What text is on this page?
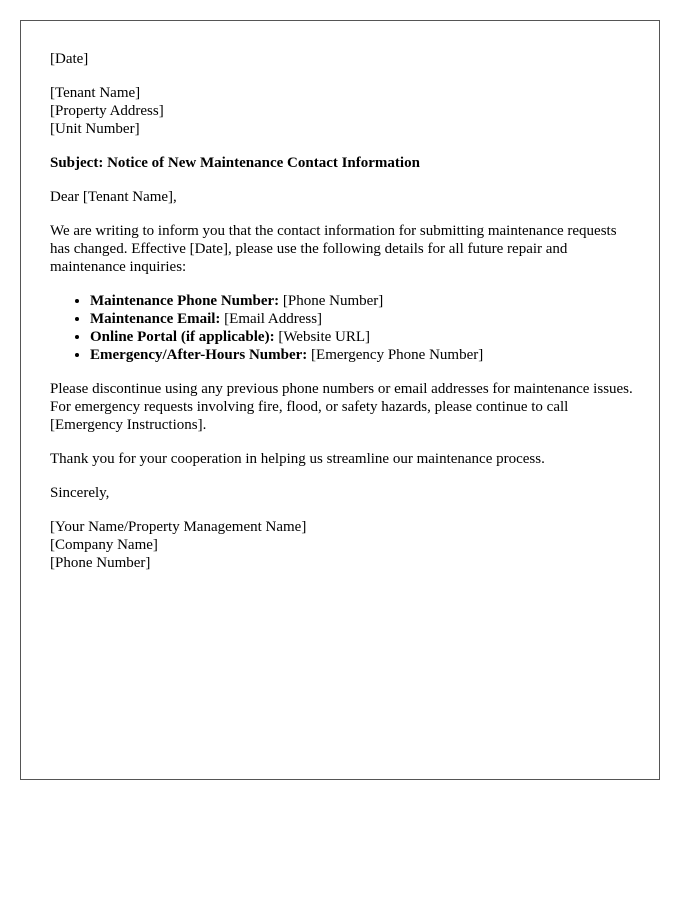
[Date]

[Tenant Name]
[Property Address]
[Unit Number]

Subject: Notice of New Maintenance Contact Information

Dear [Tenant Name],

We are writing to inform you that the contact information for submitting maintenance requests has changed. Effective [Date], please use the following details for all future repair and maintenance inquiries:

• Maintenance Phone Number: [Phone Number]
• Maintenance Email: [Email Address]
• Online Portal (if applicable): [Website URL]
• Emergency/After-Hours Number: [Emergency Phone Number]

Please discontinue using any previous phone numbers or email addresses for maintenance issues. For emergency requests involving fire, flood, or safety hazards, please continue to call [Emergency Instructions].

Thank you for your cooperation in helping us streamline our maintenance process.

Sincerely,

[Your Name/Property Management Name]
[Company Name]
[Phone Number]
